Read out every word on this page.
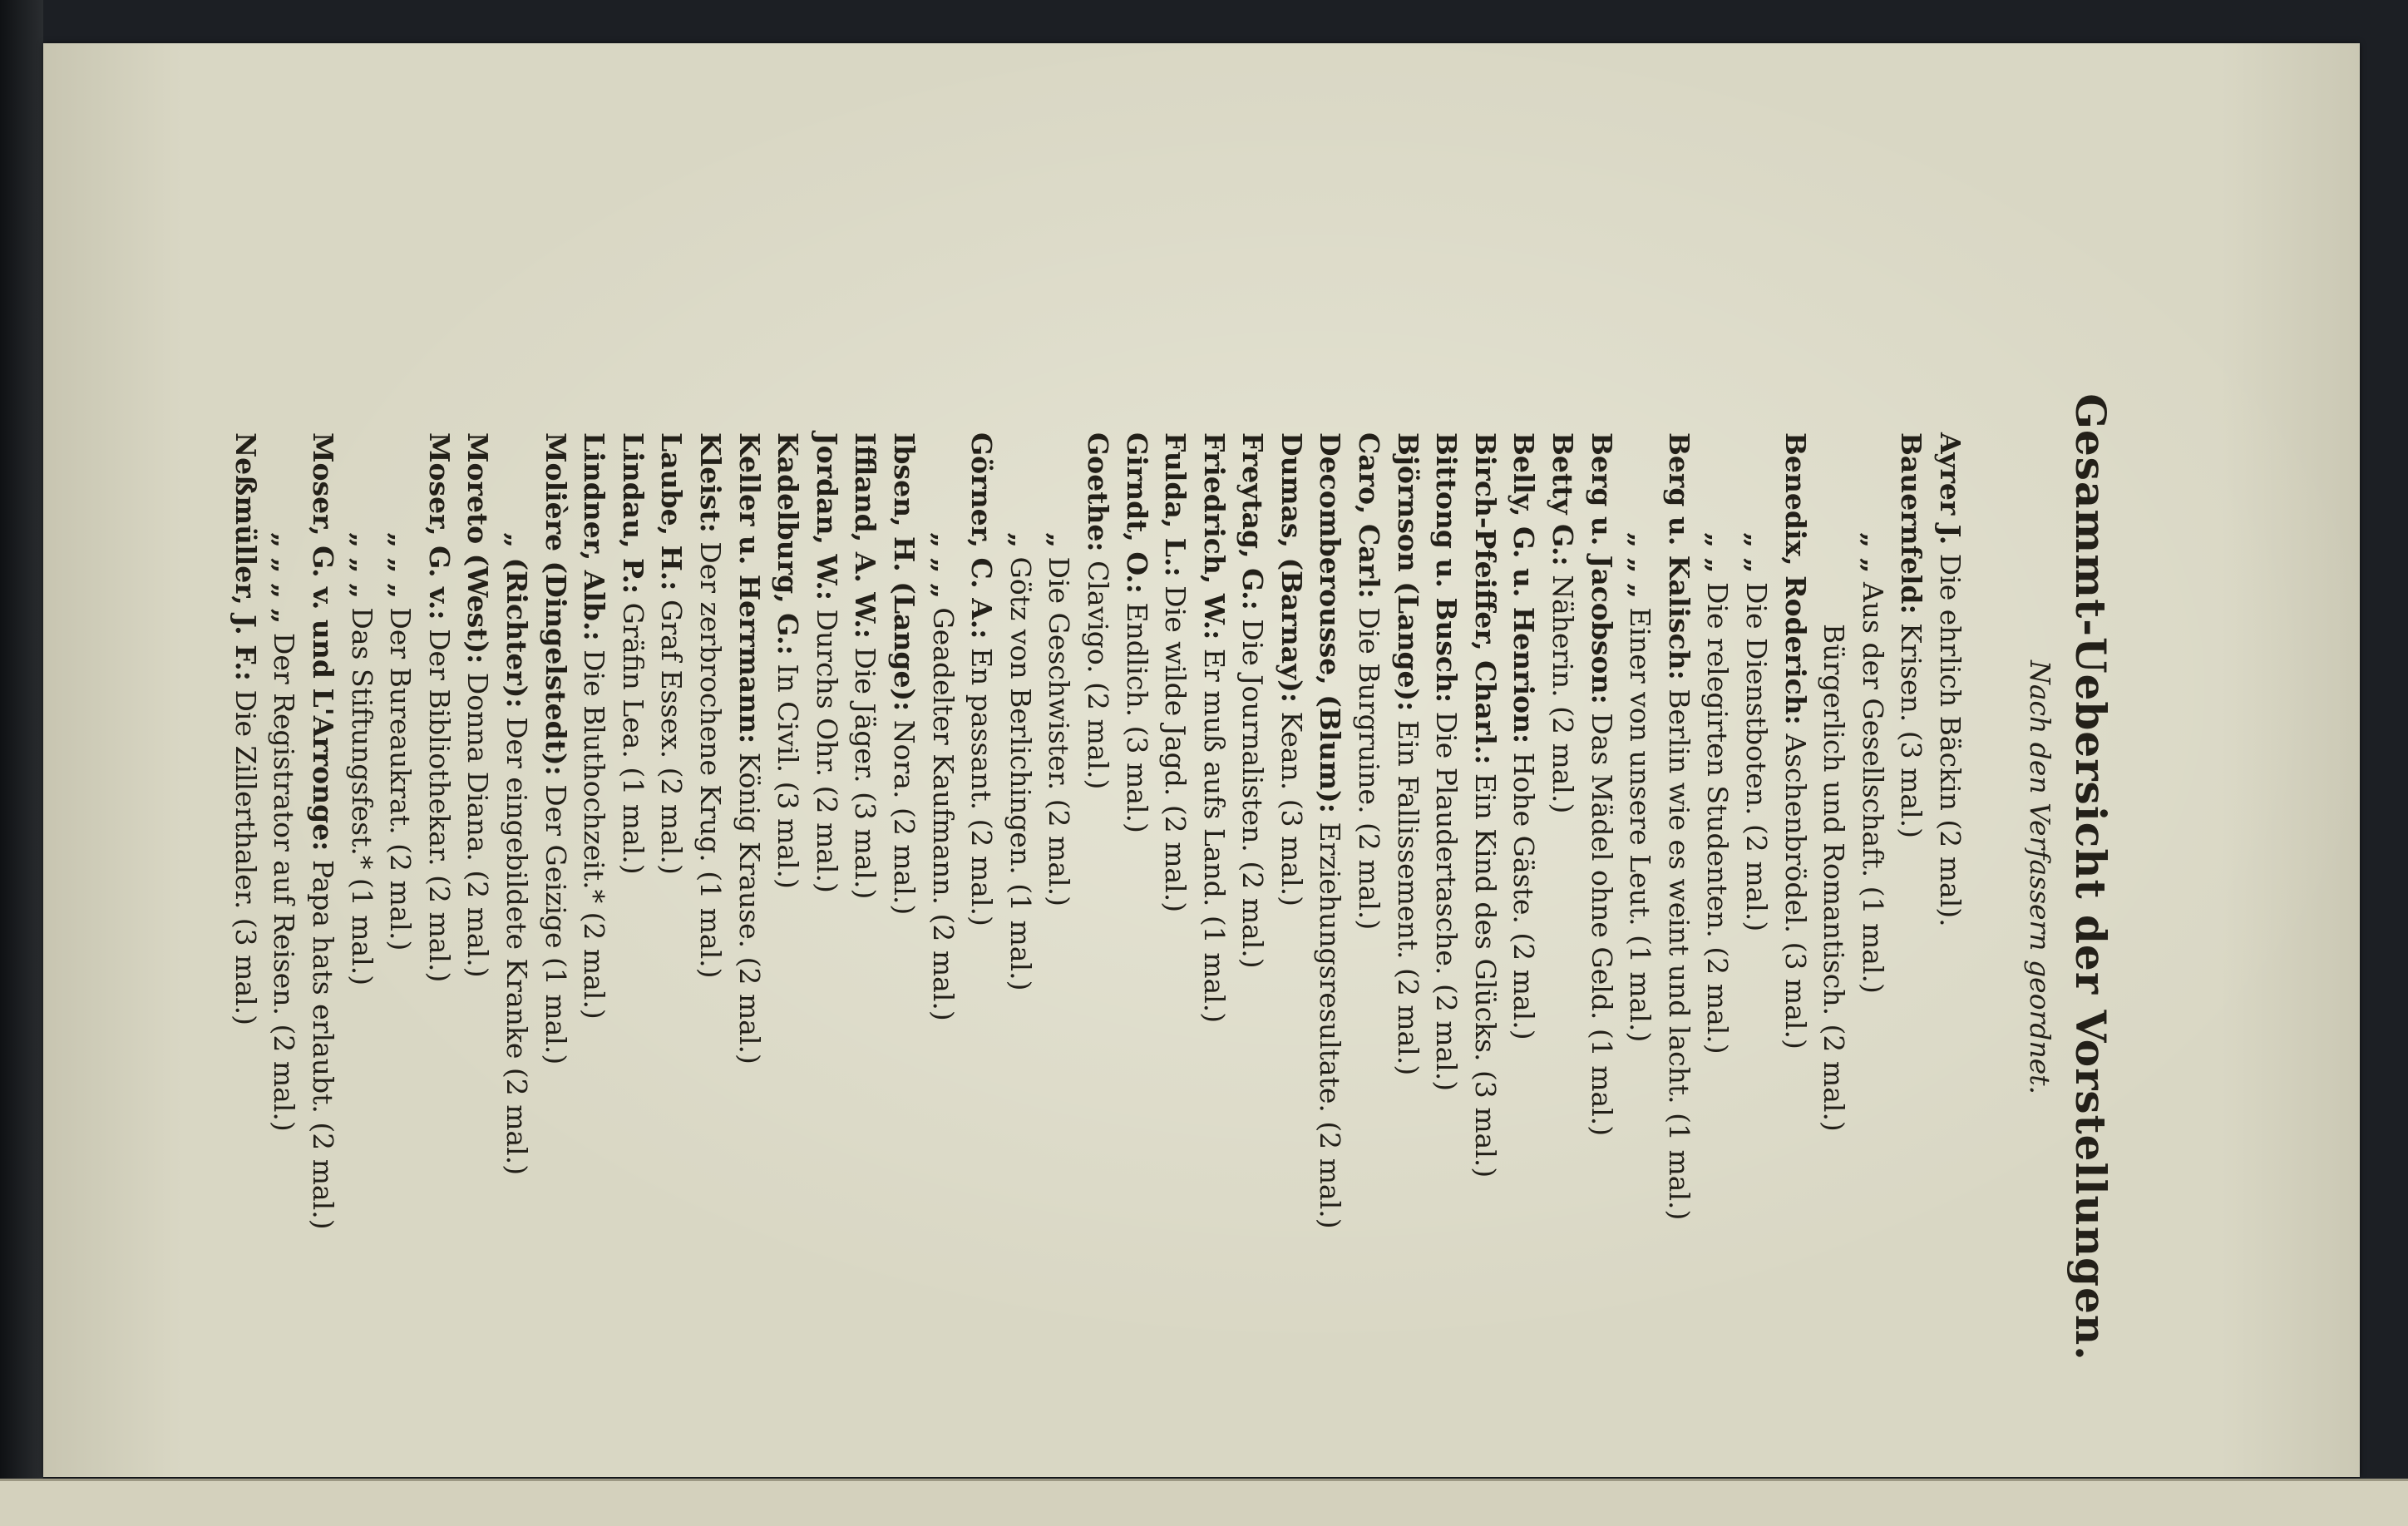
Gesammt-Uebersicht der Vorstellungen.

Nach den Verfassern geordnet.

Ayrer J. Die ehrlich Bäckin (2 mal).
Bauernfeld: Krisen. (3 mal.)
„ „ Aus der Gesellschaft. (1 mal.)
Bürgerlich und Romantisch. (2 mal.)
Benedix, Roderich: Aschenbrödel. (3 mal.)
„ „ Die Dienstboten. (2 mal.)
„ „ Die relegirten Studenten. (2 mal.)
Berg u. Kalisch: Berlin wie es weint und lacht. (1 mal.)
„ „ „ Einer von unsere Leut. (1 mal.)
Berg u. Jacobson: Das Mädel ohne Geld. (1 mal.)
Betty G.: Näherin. (2 mal.)
Belly, G. u. Henrion: Hohe Gäste. (2 mal.)
Birch-Pfeiffer, Charl.: Ein Kind des Glücks. (3 mal.)
Bittong u. Busch: Die Plaudertasche. (2 mal.)
Björnson (Lange): Ein Fallissement. (2 mal.)
Caro, Carl: Die Burgruine. (2 mal.)
Decomberousse, (Blum): Erziehungsresultate. (2 mal.)
Dumas, (Barnay): Kean. (3 mal.)
Freytag, G.: Die Journalisten. (2 mal.)
Friedrich, W.: Er muß aufs Land. (1 mal.)
Fulda, L.: Die wilde Jagd. (2 mal.)
Girndt, O.: Endlich. (3 mal.)
Goethe: Clavigo. (2 mal.)
„ Die Geschwister. (2 mal.)
„ Götz von Berlichingen. (1 mal.)
Görner, C. A.: En passant. (2 mal.)
„ „ „ Geadelter Kaufmann. (2 mal.)
Ibsen, H. (Lange): Nora. (2 mal.)
Iffland, A. W.: Die Jäger. (3 mal.)
Jordan, W.: Durchs Ohr. (2 mal.)
Kadelburg, G.: In Civil. (3 mal.)
Keller u. Herrmann: König Krause. (2 mal.)
Kleist: Der zerbrochene Krug. (1 mal.)
Laube, H.: Graf Essex. (2 mal.)
Lindau, P.: Gräfin Lea. (1 mal.)
Lindner, Alb.: Die Bluthochzeit.* (2 mal.)
Molière (Dingelstedt): Der Geizige (1 mal.)
„ (Richter): Der eingebildete Kranke (2 mal.)
Moreto (West): Donna Diana. (2 mal.)
Moser, G. v.: Der Bibliothekar. (2 mal.)
„ „ „ Der Bureaukrat. (2 mal.)
„ „ „ Das Stiftungsfest.* (1 mal.)
Moser, G. v. und L'Arronge: Papa hats erlaubt. (2 mal.)
„ „ „ „ Der Registrator auf Reisen. (2 mal.)
Neßmüller, J. F.: Die Zillerthaler. (3 mal.)
